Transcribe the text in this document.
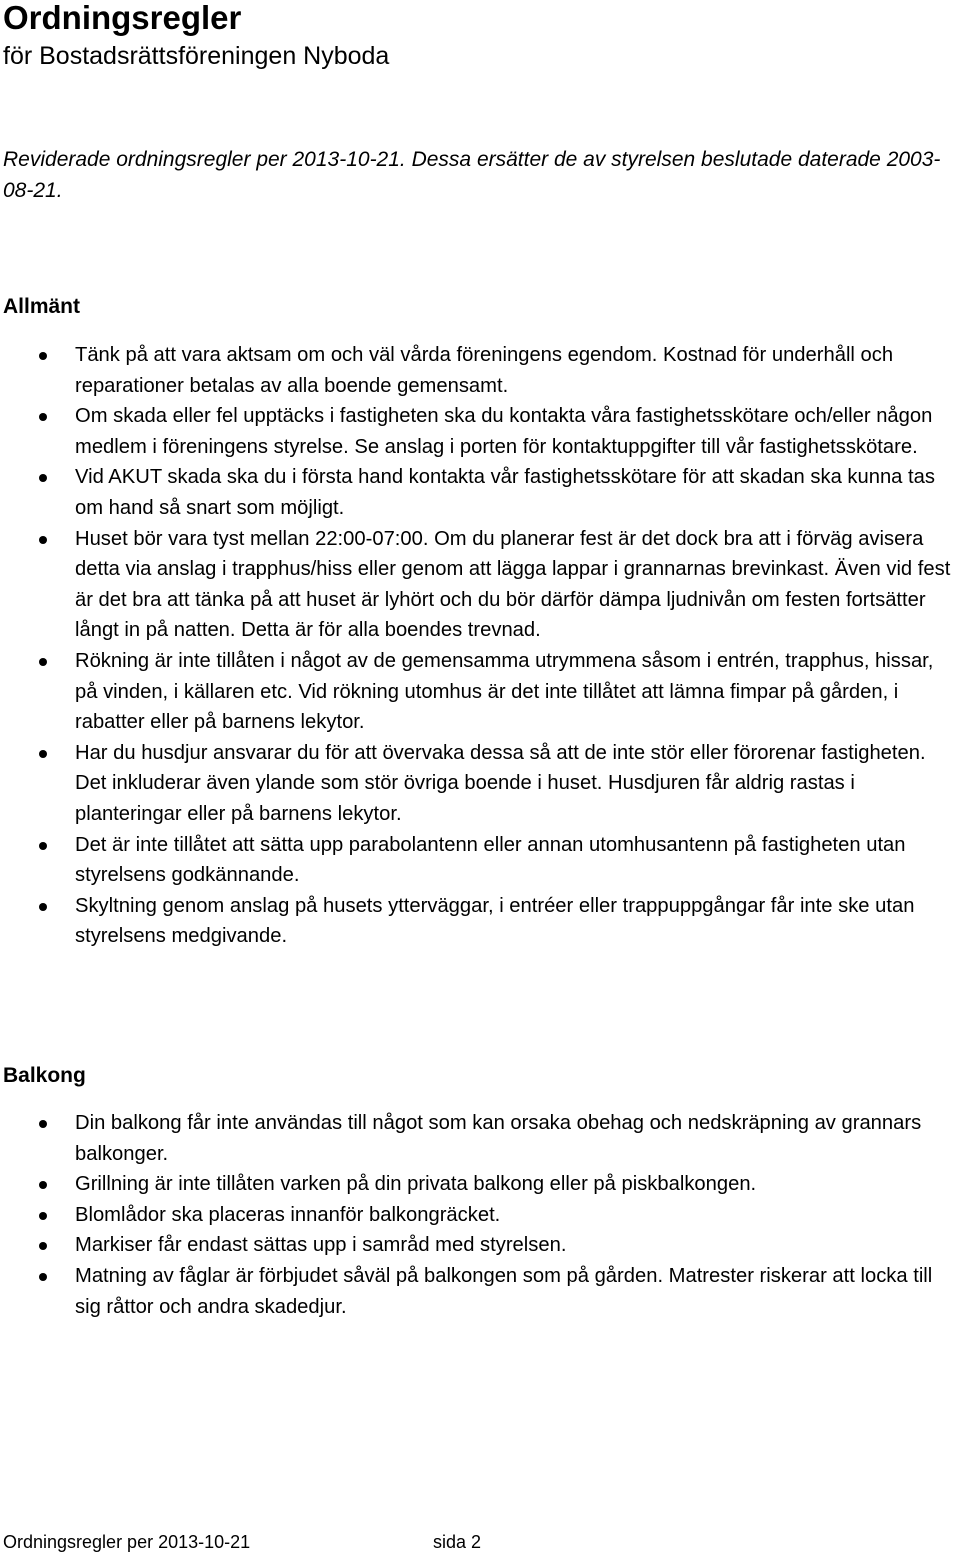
Ordningsregler

för Bostadsrättsföreningen Nyboda

Reviderade ordningsregler per 2013-10-21. Dessa ersätter de av styrelsen beslutade daterade 2003-08-21.

Allmänt
Tänk på att vara aktsam om och väl vårda föreningens egendom. Kostnad för underhåll och reparationer betalas av alla boende gemensamt.
Om skada eller fel upptäcks i fastigheten ska du kontakta våra fastighetsskötare och/eller någon medlem i föreningens styrelse. Se anslag i porten för kontaktuppgifter till vår fastighetsskötare.
Vid AKUT skada ska du i första hand kontakta vår fastighetsskötare för att skadan ska kunna tas om hand så snart som möjligt.
Huset bör vara tyst mellan 22:00-07:00. Om du planerar fest är det dock bra att i förväg avisera detta via anslag i trapphus/hiss eller genom att lägga lappar i grannarnas brevinkast. Även vid fest är det bra att tänka på att huset är lyhört och du bör därför dämpa ljudnivån om festen fortsätter långt in på natten. Detta är för alla boendes trevnad.
Rökning är inte tillåten i något av de gemensamma utrymmena såsom i entrén, trapphus, hissar, på vinden, i källaren etc. Vid rökning utomhus är det inte tillåtet att lämna fimpar på gården, i rabatter eller på barnens lekytor.
Har du husdjur ansvarar du för att övervaka dessa så att de inte stör eller förorenar fastigheten. Det inkluderar även ylande som stör övriga boende i huset. Husdjuren får aldrig rastas i planteringar eller på barnens lekytor.
Det är inte tillåtet att sätta upp parabolantenn eller annan utomhusantenn på fastigheten utan styrelsens godkännande.
Skyltning genom anslag på husets ytterväggar, i entréer eller trappuppgångar får inte ske utan styrelsens medgivande.
Balkong
Din balkong får inte användas till något som kan orsaka obehag och nedskräpning av grannars balkonger.
Grillning är inte tillåten varken på din privata balkong eller på piskbalkongen.
Blomlådor ska placeras innanför balkongräcket.
Markiser får endast sättas upp i samråd med styrelsen.
Matning av fåglar är förbjudet såväl på balkongen som på gården. Matrester riskerar att locka till sig råttor och andra skadedjur.
Ordningsregler per 2013-10-21	sida 2
